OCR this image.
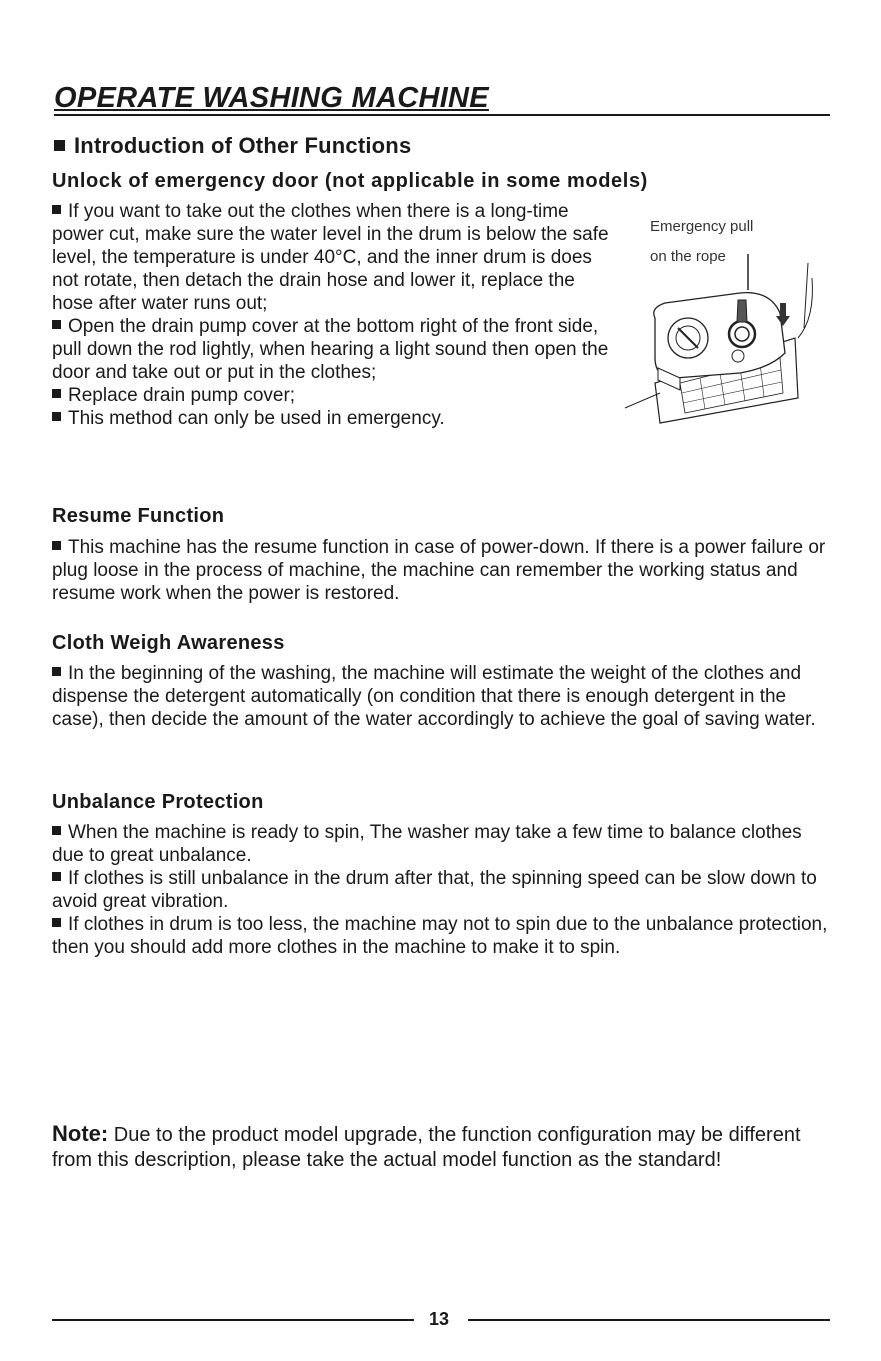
OPERATE WASHING MACHINE
Introduction of Other Functions
Unlock of emergency door (not applicable in some models)

If you want to take out the clothes when there is a long-time power cut, make sure the water level in the drum is below the safe level, the temperature is under 40°C, and the inner drum is does not rotate, then detach the drain hose and lower it, replace the hose after water runs out;

Open the drain pump cover at the bottom right of the front side, pull down the rod lightly, when hearing a light sound then open the door and take out or put in the clothes;

Replace drain pump cover;

This method can only be used in emergency.

Emergency pull
on the rope
Resume Function

This machine has the resume function in case of power-down. If there is a power failure or plug loose in the process of machine, the machine can remember the working status and resume work when the power is restored.

Cloth Weigh Awareness

In the beginning of the washing, the machine will estimate the weight of the clothes and dispense the detergent automatically (on condition that there is enough detergent in the case), then decide the amount of the water accordingly to achieve the goal of saving water.

Unbalance Protection

When the machine is ready to spin, The washer may take a few time to balance clothes due to great unbalance.

If clothes is still unbalance in the drum after that, the spinning speed can be slow down to avoid great vibration.

If clothes in drum is too less, the machine may not to spin due to the unbalance protection, then you should add more clothes in the machine to make it to spin.

Note: Due to the product model upgrade, the function configuration may be different from this description, please take the actual model function as the standard!
13
